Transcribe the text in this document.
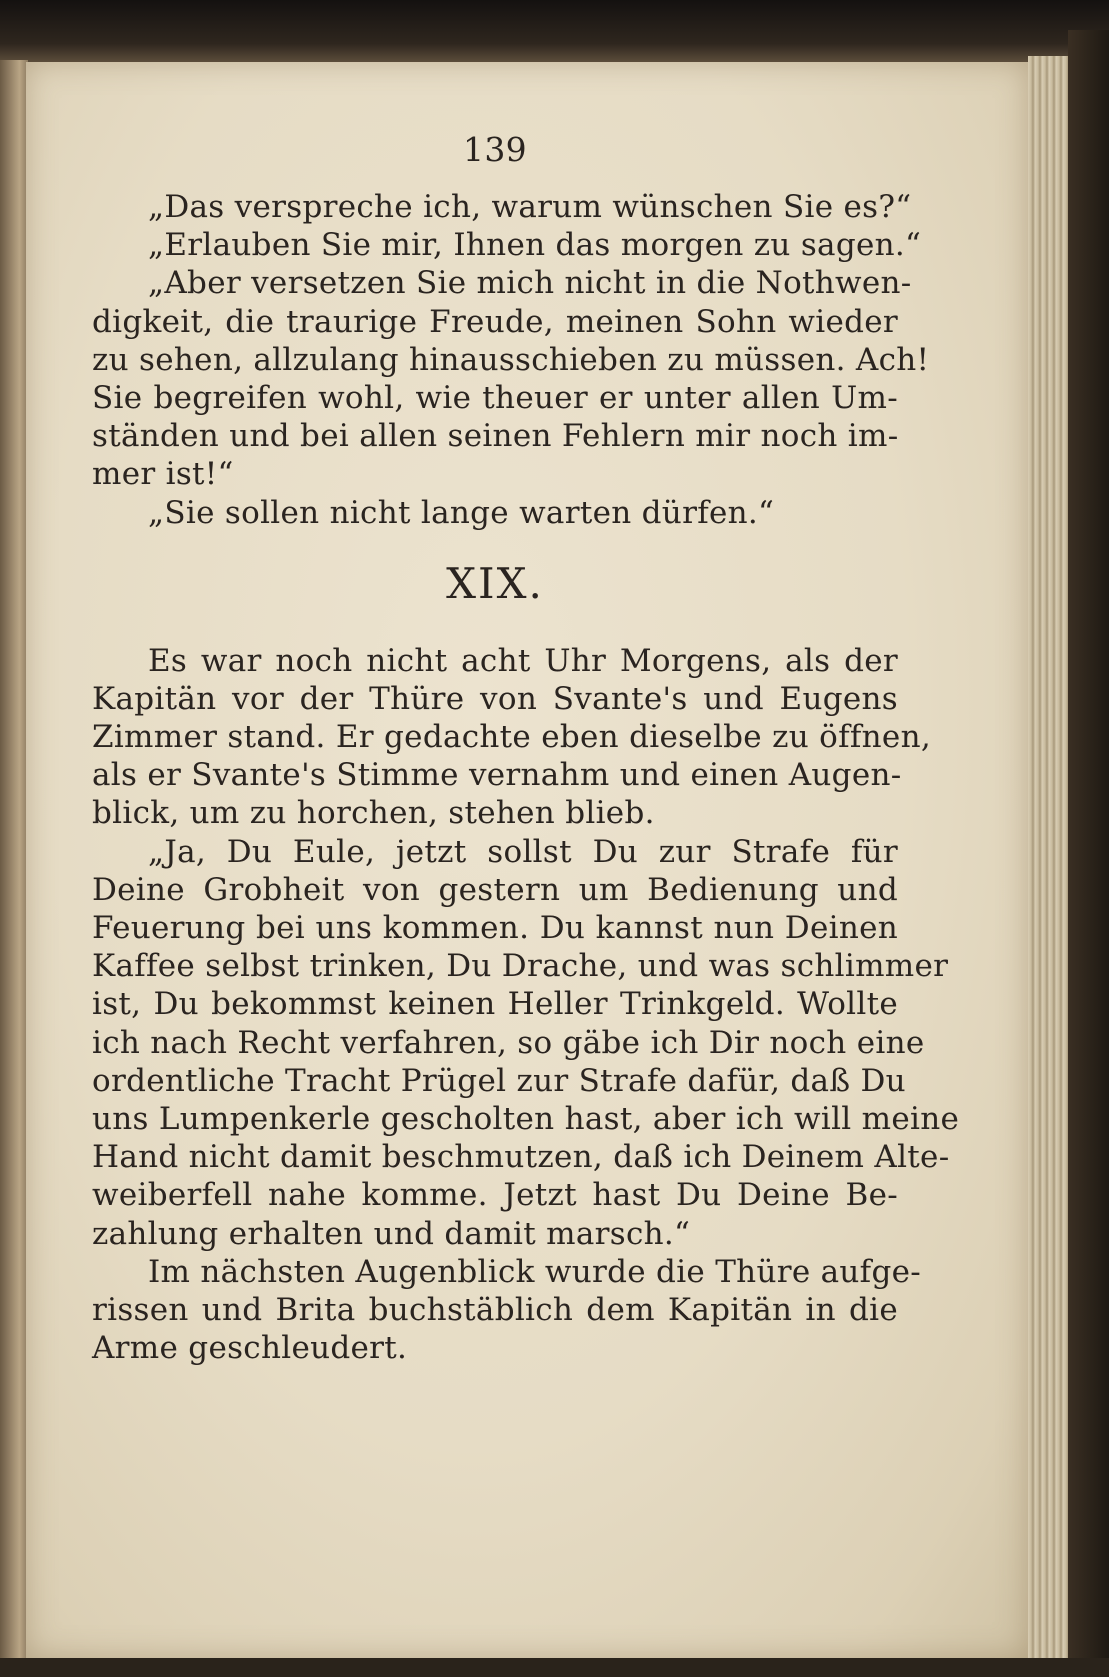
139
„Das verspreche ich, warum wünschen Sie es?“
„Erlauben Sie mir, Ihnen das morgen zu sagen.“
„Aber versetzen Sie mich nicht in die Nothwen-
digkeit, die traurige Freude, meinen Sohn wieder
zu sehen, allzulang hinausschieben zu müssen. Ach!
Sie begreifen wohl, wie theuer er unter allen Um-
ständen und bei allen seinen Fehlern mir noch im-
mer ist!“
„Sie sollen nicht lange warten dürfen.“
XIX.
Es war noch nicht acht Uhr Morgens, als der
Kapitän vor der Thüre von Svante's und Eugens
Zimmer stand. Er gedachte eben dieselbe zu öffnen,
als er Svante's Stimme vernahm und einen Augen-
blick, um zu horchen, stehen blieb.
„Ja, Du Eule, jetzt sollst Du zur Strafe für
Deine Grobheit von gestern um Bedienung und
Feuerung bei uns kommen. Du kannst nun Deinen
Kaffee selbst trinken, Du Drache, und was schlimmer
ist, Du bekommst keinen Heller Trinkgeld. Wollte
ich nach Recht verfahren, so gäbe ich Dir noch eine
ordentliche Tracht Prügel zur Strafe dafür, daß Du
uns Lumpenkerle gescholten hast, aber ich will meine
Hand nicht damit beschmutzen, daß ich Deinem Alte-
weiberfell nahe komme. Jetzt hast Du Deine Be-
zahlung erhalten und damit marsch.“
Im nächsten Augenblick wurde die Thüre aufge-
rissen und Brita buchstäblich dem Kapitän in die
Arme geschleudert.
